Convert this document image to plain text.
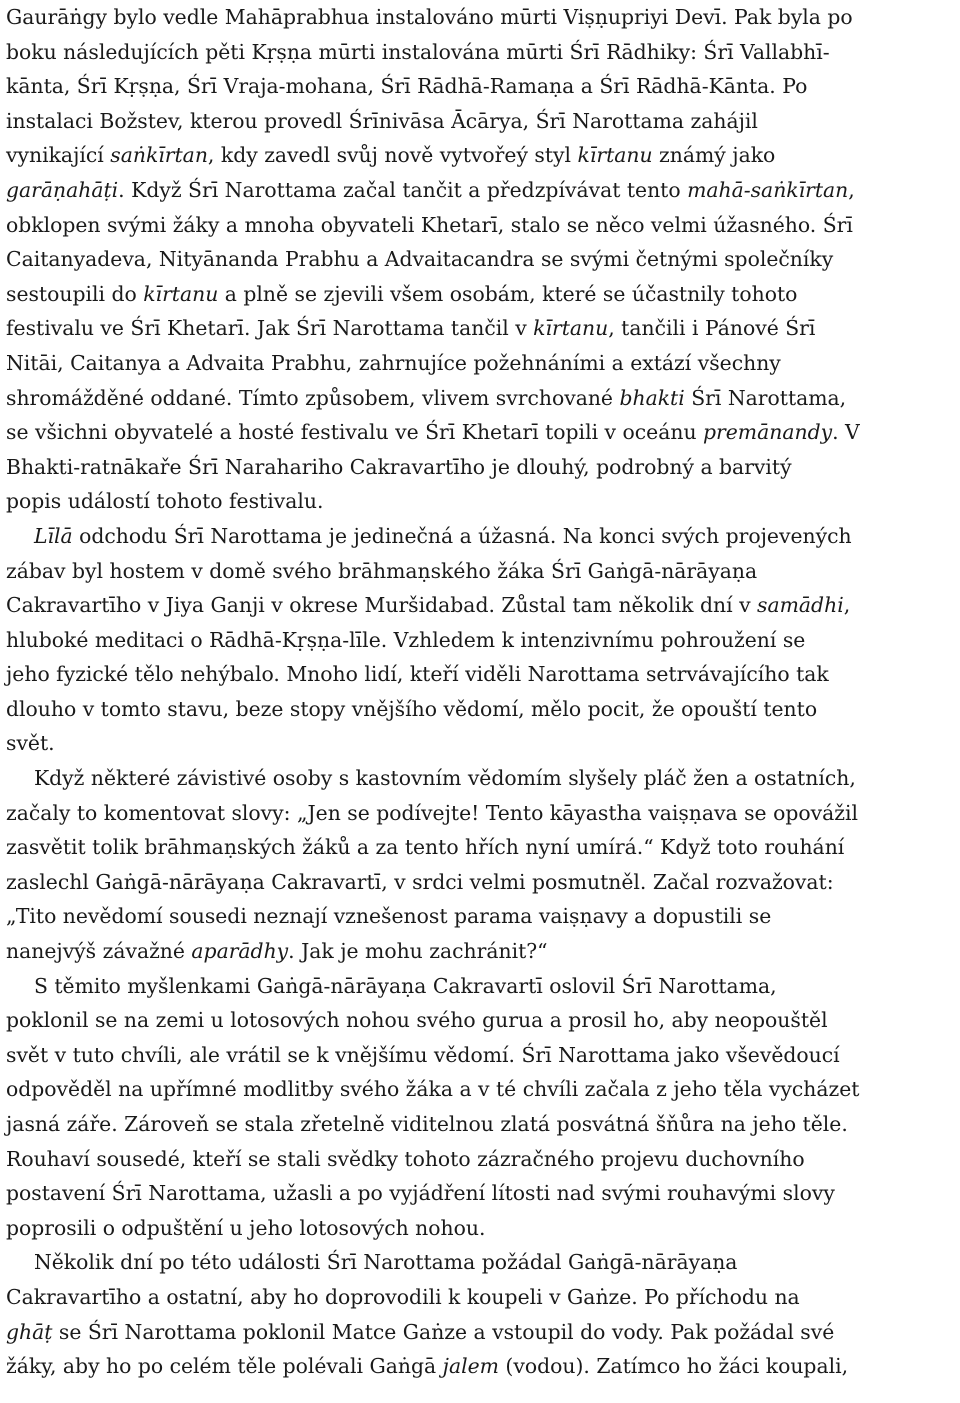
Gaurāṅgy bylo vedle Mahāprabhua instalováno mūrti Viṣṇupriyi Devī. Pak byla po
boku následujících pěti Kṛṣṇa mūrti instalována mūrti Śrī Rādhiky: Śrī Vallabhī-
kānta, Śrī Kṛṣṇa, Śrī Vraja-mohana, Śrī Rādhā-Ramaṇa a Śrī Rādhā-Kānta. Po
instalaci Božstev, kterou provedl Śrīnivāsa Ācārya, Śrī Narottama zahájil
vynikající saṅkīrtan, kdy zavedl svůj nově vytvořeý styl kīrtanu známý jako
garāṇahāṭi. Když Śrī Narottama začal tančit a předzpívávat tento mahā-saṅkīrtan,
obklopen svými žáky a mnoha obyvateli Khetarī, stalo se něco velmi úžasného. Śrī
Caitanyadeva, Nityānanda Prabhu a Advaitacandra se svými četnými společníky
sestoupili do kīrtanu a plně se zjevili všem osobám, které se účastnily tohoto
festivalu ve Śrī Khetarī. Jak Śrī Narottama tančil v kīrtanu, tančili i Pánové Śrī
Nitāi, Caitanya a Advaita Prabhu, zahrnujíce požehnáními a extází všechny
shromážděné oddané. Tímto způsobem, vlivem svrchované bhakti Śrī Narottama,
se všichni obyvatelé a hosté festivalu ve Śrī Khetarī topili v oceánu premānandy. V
Bhakti-ratnākaře Śrī Narahariho Cakravartīho je dlouhý, podrobný a barvitý
popis událostí tohoto festivalu.
Līlā odchodu Śrī Narottama je jedinečná a úžasná. Na konci svých projevených
zábav byl hostem v domě svého brāhmaṇského žáka Śrī Gaṅgā-nārāyaṇa
Cakravartīho v Jiya Ganji v okrese Muršidabad. Zůstal tam několik dní v samādhi,
hluboké meditaci o Rādhā-Kṛṣṇa-līle. Vzhledem k intenzivnímu pohroužení se
jeho fyzické tělo nehýbalo. Mnoho lidí, kteří viděli Narottama setrvávajícího tak
dlouho v tomto stavu, beze stopy vnějšího vědomí, mělo pocit, že opouští tento
svět.
Když některé závistivé osoby s kastovním vědomím slyšely pláč žen a ostatních,
začaly to komentovat slovy: „Jen se podívejte! Tento kāyastha vaiṣṇava se opovážil
zasvětit tolik brāhmaṇských žáků a za tento hřích nyní umírá.“ Když toto rouhání
zaslechl Gaṅgā-nārāyaṇa Cakravartī, v srdci velmi posmutněl. Začal rozvažovat:
„Tito nevědomí sousedi neznají vznešenost parama vaiṣṇavy a dopustili se
nanejvýš závažné aparādhy. Jak je mohu zachránit?“
S těmito myšlenkami Gaṅgā-nārāyaṇa Cakravartī oslovil Śrī Narottama,
poklonil se na zemi u lotosových nohou svého gurua a prosil ho, aby neopouštěl
svět v tuto chvíli, ale vrátil se k vnějšímu vědomí. Śrī Narottama jako vševědoucí
odpověděl na upřímné modlitby svého žáka a v té chvíli začala z jeho těla vycházet
jasná záře. Zároveň se stala zřetelně viditelnou zlatá posvátná šňůra na jeho těle.
Rouhaví sousedé, kteří se stali svědky tohoto zázračného projevu duchovního
postavení Śrī Narottama, užasli a po vyjádření lítosti nad svými rouhavými slovy
poprosili o odpuštění u jeho lotosových nohou.
Několik dní po této události Śrī Narottama požádal Gaṅgā-nārāyaṇa
Cakravartīho a ostatní, aby ho doprovodili k koupeli v Gaṅze. Po příchodu na
ghāṭ se Śrī Narottama poklonil Matce Gaṅze a vstoupil do vody. Pak požádal své
žáky, aby ho po celém těle polévali Gaṅgā jalem (vodou). Zatímco ho žáci koupali,
